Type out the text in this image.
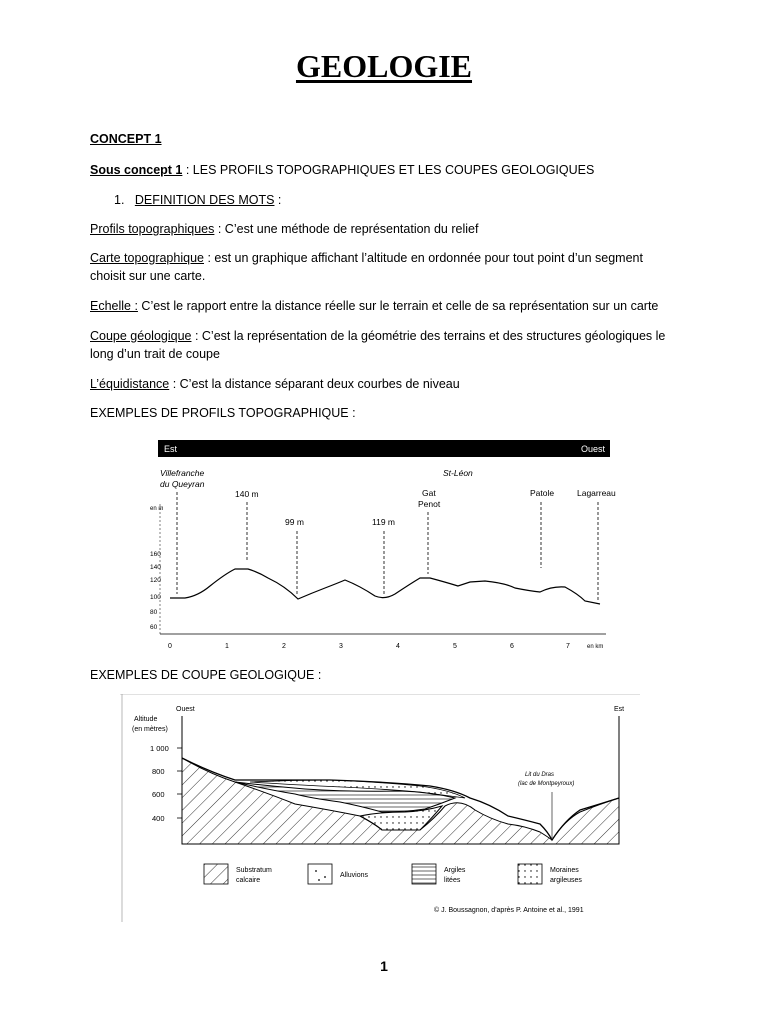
GEOLOGIE
CONCEPT 1
Sous concept 1 : LES PROFILS TOPOGRAPHIQUES ET LES COUPES GEOLOGIQUES
1. DEFINITION DES MOTS :
Profils topographiques : C’est une méthode de représentation du relief
Carte topographique : est un graphique affichant l’altitude en ordonnée pour tout point d’un segment
choisit sur une carte.
Echelle : C’est le rapport entre la distance réelle sur le terrain et celle de sa représentation sur un carte
Coupe géologique : C’est la représentation de la géométrie des terrains et des structures géologiques le
long d’un trait de coupe
L’équidistance : C’est la distance séparant deux courbes de niveau
EXEMPLES DE PROFILS TOPOGRAPHIQUE :
Est	Ouest
Villefranche
du Queyran
St-Léon
140 m
99 m	119 m
Gat
Penot
Patole	Lagarreau
en m
160
140
120
100
80
60
0	1	2	3	4	5	6	7	en km
EXEMPLES DE COUPE GEOLOGIQUE :
Ouest	Est
Altitude
(en mètres)
1 000
800
600
400
Lit du Dras
(lac de Montpeyroux)
Substratum
calcaire
Alluvions
Argiles
litées
Moraines
argileuses
© J. Boussagnon, d'après P. Antoine et al., 1991
1
